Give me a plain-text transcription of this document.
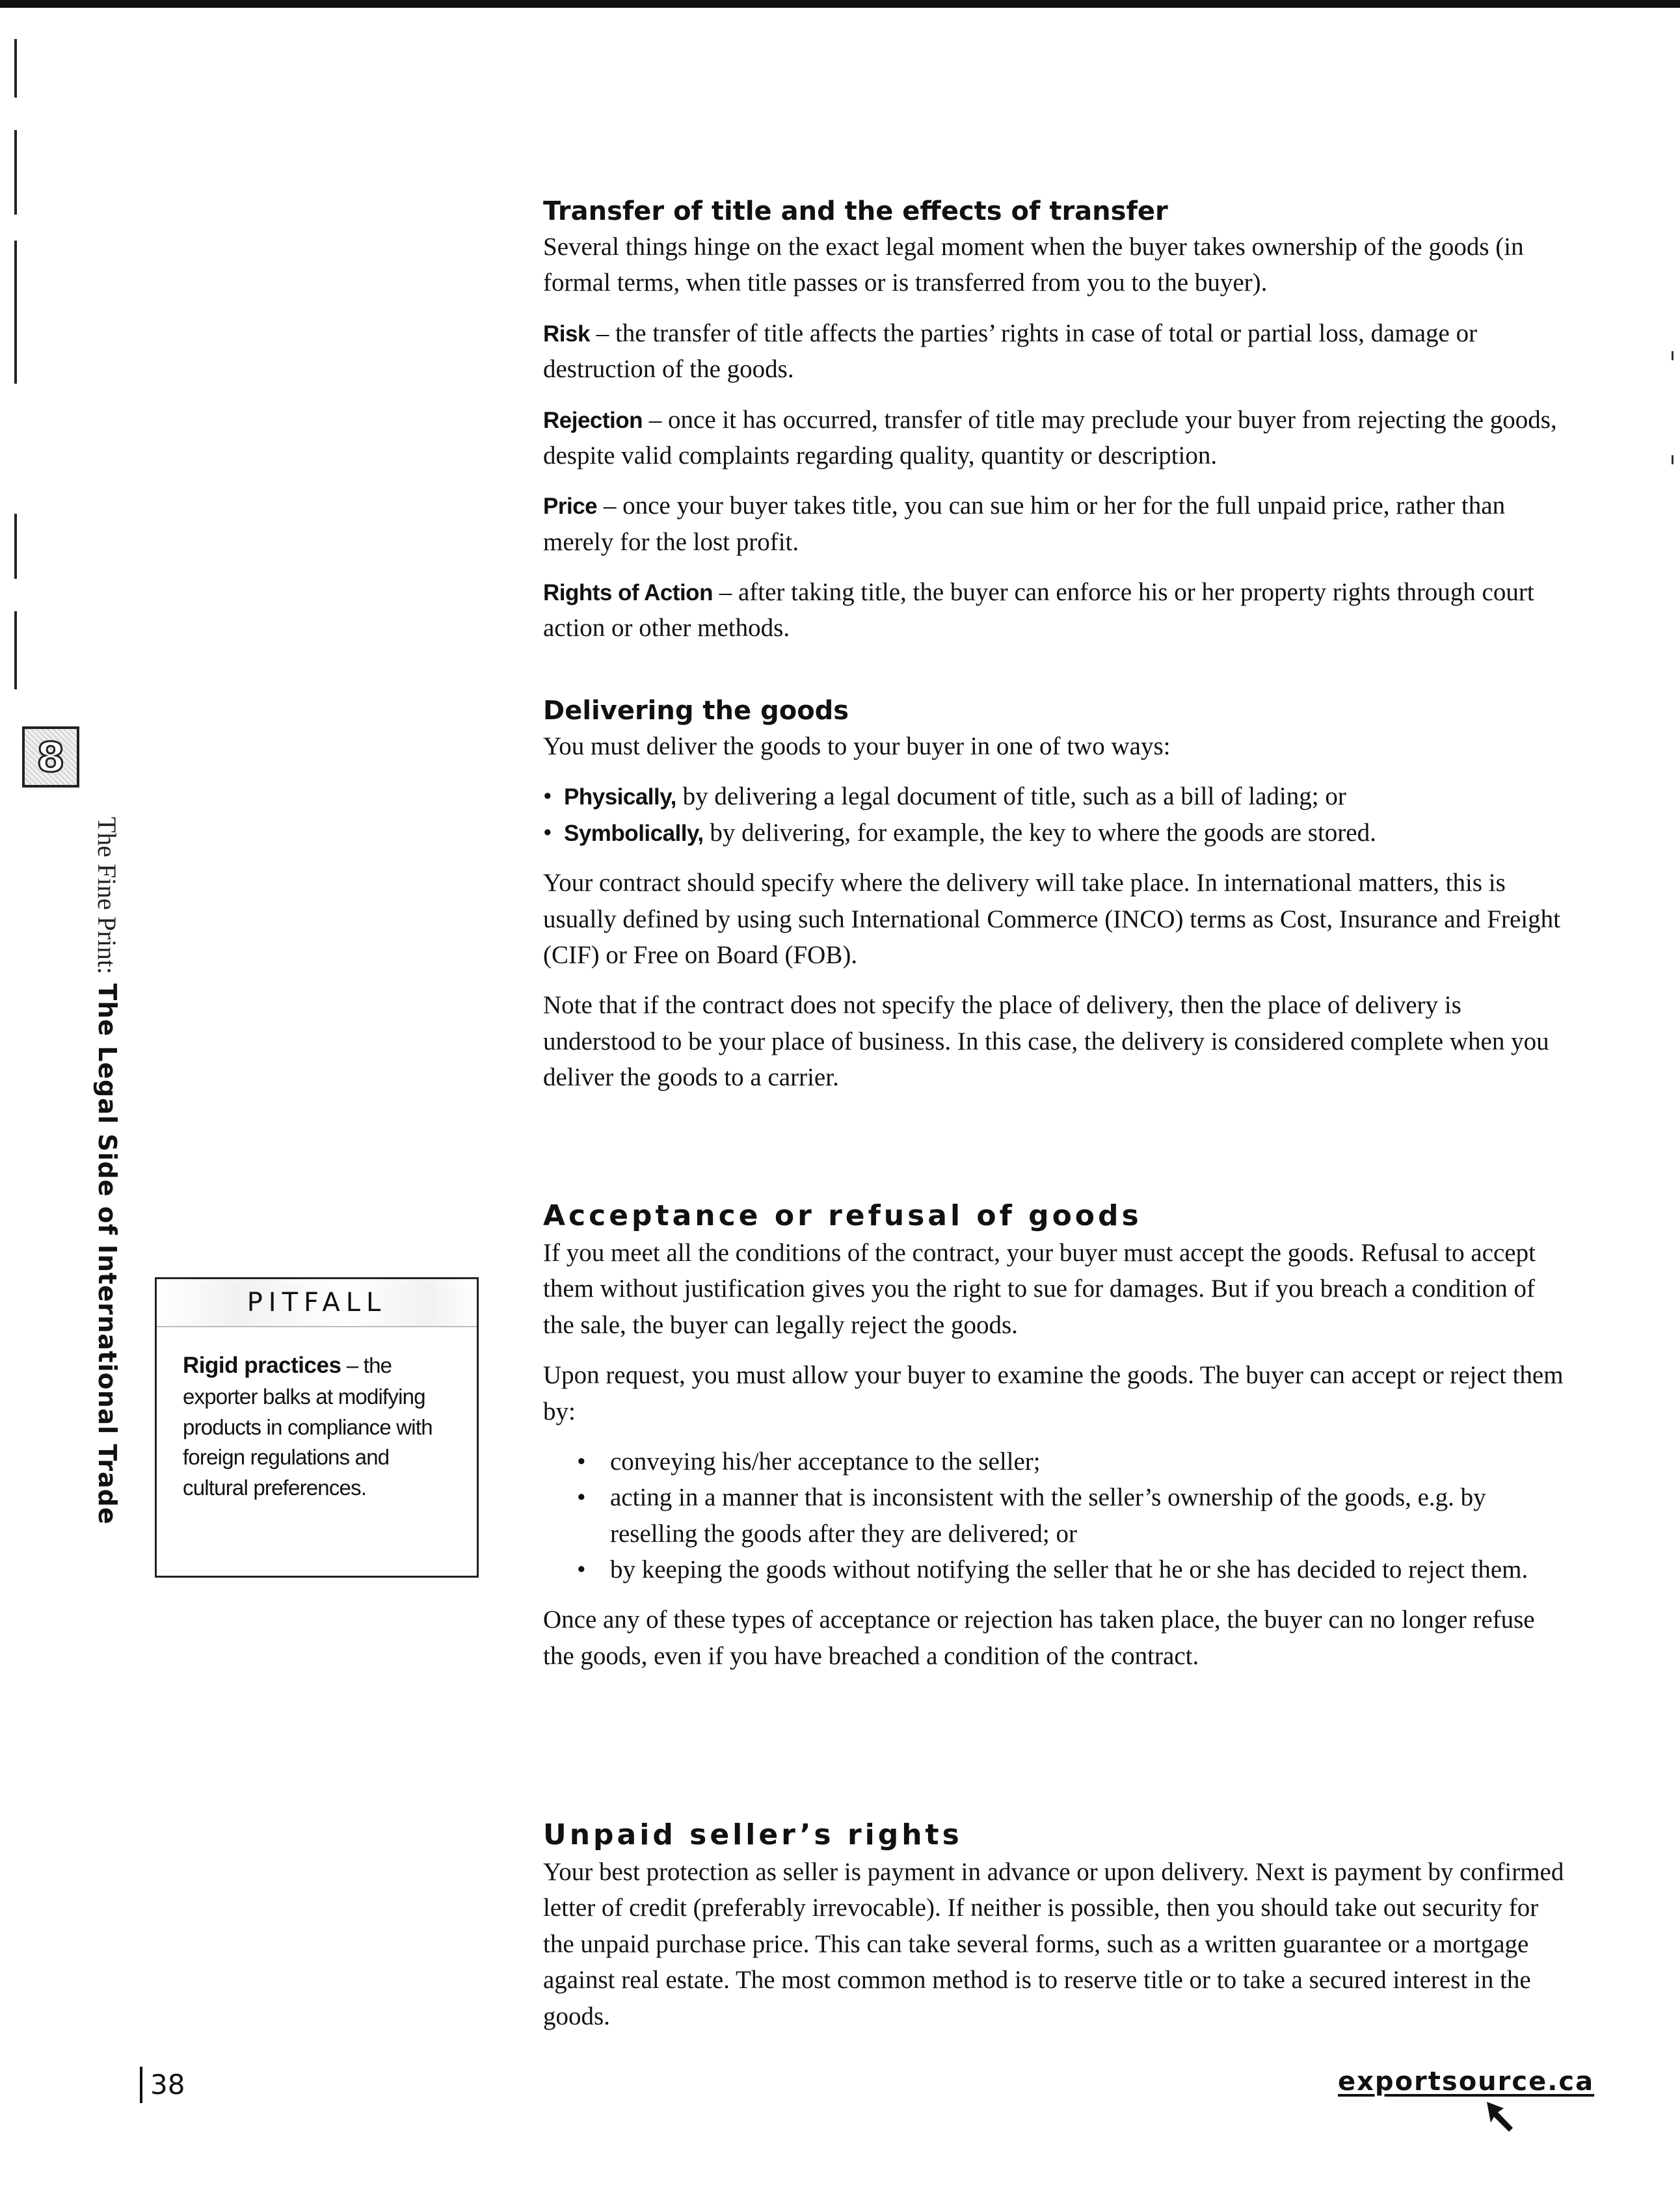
8
The Fine Print:
The Legal Side of International Trade	PITFALL
Rigid practices – the exporter balks at modifying products in compliance with foreign regulations and cultural preferences.
Transfer of title and the effects of transfer

Several things hinge on the exact legal moment when the buyer takes ownership of the goods (in formal terms, when title passes or is transferred from you to the buyer).

Risk – the transfer of title affects the parties’ rights in case of total or partial loss, damage or destruction of the goods.

Rejection – once it has occurred, transfer of title may preclude your buyer from rejecting the goods, despite valid complaints regarding quality, quantity or description.

Price – once your buyer takes title, you can sue him or her for the full unpaid price, rather than merely for the lost profit.

Rights of Action – after taking title, the buyer can enforce his or her property rights through court action or other methods.

Delivering the goods

You must deliver the goods to your buyer in one of two ways:

• Physically, by delivering a legal document of title, such as a bill of lading; or
• Symbolically, by delivering, for example, the key to where the goods are stored.

Your contract should specify where the delivery will take place. In international matters, this is usually defined by using such International Commerce (INCO) terms as Cost, Insurance and Freight (CIF) or Free on Board (FOB).

Note that if the contract does not specify the place of delivery, then the place of delivery is understood to be your place of business. In this case, the delivery is considered complete when you deliver the goods to a carrier.

Acceptance or refusal of goods

If you meet all the conditions of the contract, your buyer must accept the goods. Refusal to accept them without justification gives you the right to sue for damages. But if you breach a condition of the sale, the buyer can legally reject the goods.

Upon request, you must allow your buyer to examine the goods. The buyer can accept or reject them by:

• conveying his/her acceptance to the seller;
• acting in a manner that is inconsistent with the seller’s ownership of the goods, e.g. by reselling the goods after they are delivered; or
• by keeping the goods without notifying the seller that he or she has decided to reject them.

Once any of these types of acceptance or rejection has taken place, the buyer can no longer refuse the goods, even if you have breached a condition of the contract.

Unpaid seller’s rights

Your best protection as seller is payment in advance or upon delivery. Next is payment by confirmed letter of credit (preferably irrevocable). If neither is possible, then you should take out security for the unpaid purchase price. This can take several forms, such as a written guarantee or a mortgage against real estate. The most common method is to reserve title or to take a secured interest in the goods.

38	exportsource.ca
